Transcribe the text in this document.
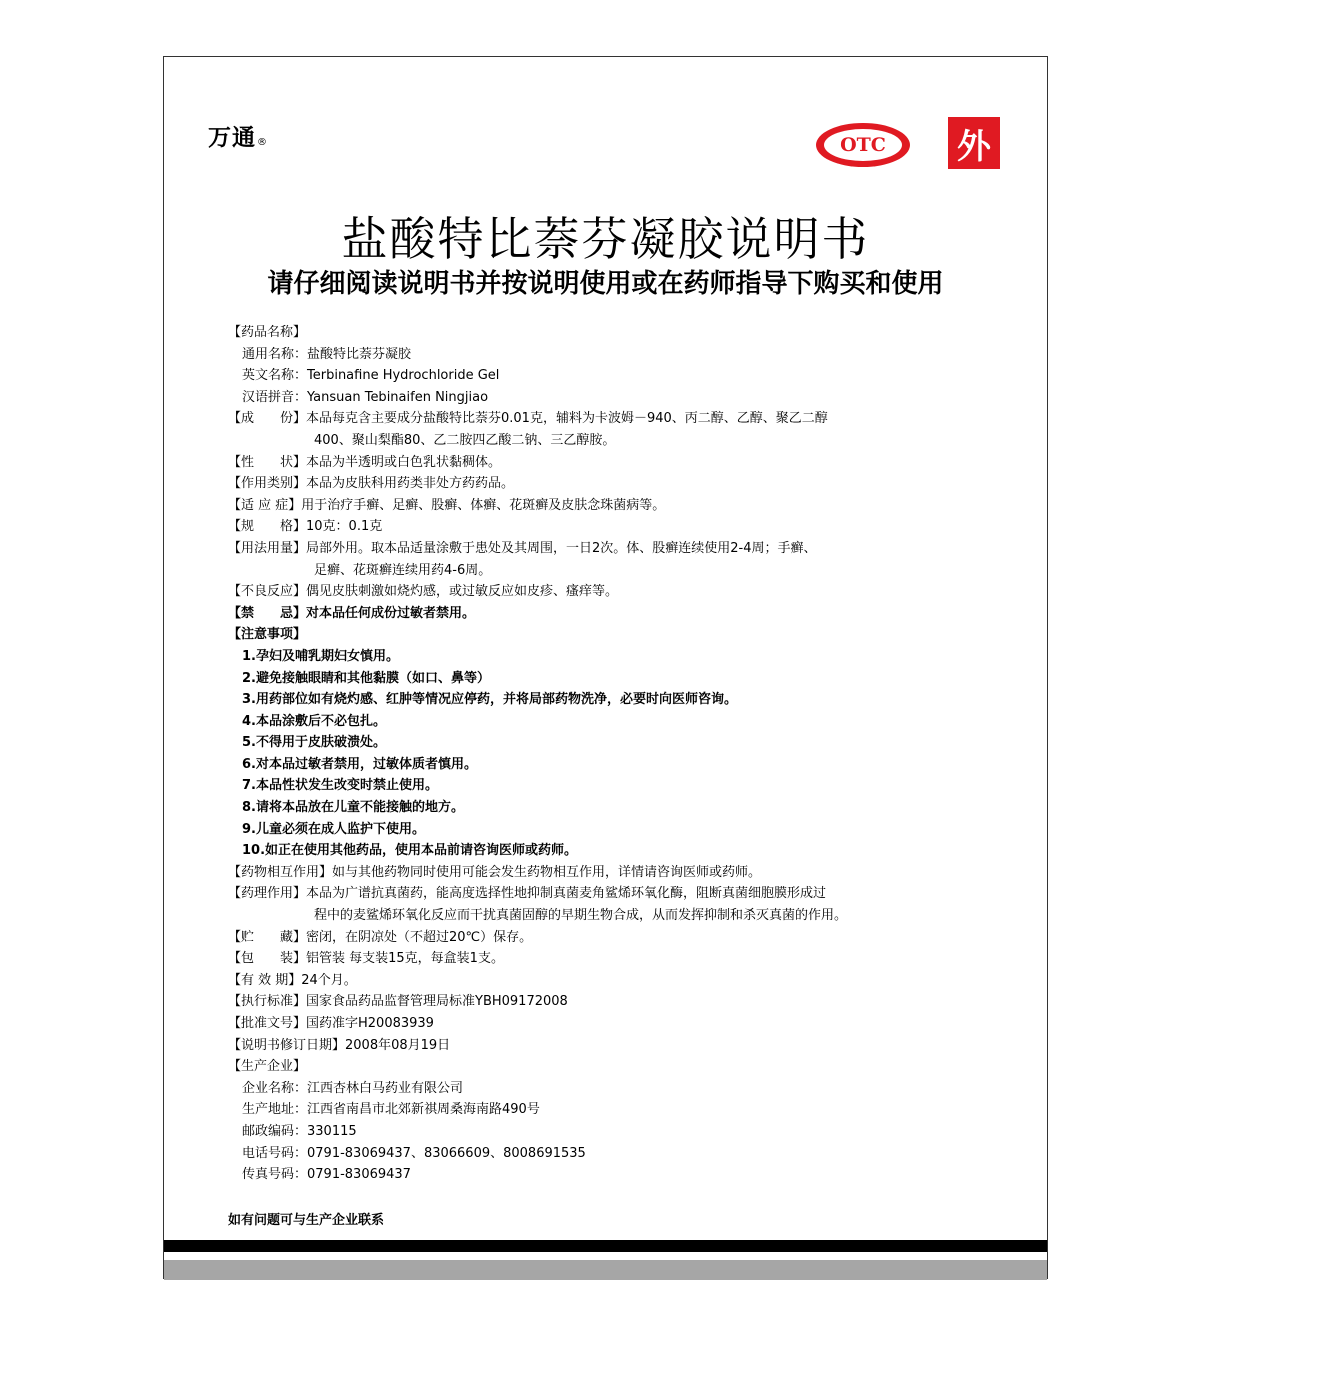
万通®	OTC	外
盐酸特比萘芬凝胶说明书
请仔细阅读说明书并按说明使用或在药师指导下购买和使用
【药品名称】
通用名称：盐酸特比萘芬凝胶
英文名称：Terbinafine Hydrochloride Gel
汉语拼音：Yansuan Tebinaifen Ningjiao
【成　　份】本品每克含主要成分盐酸特比萘芬0.01克，辅料为卡波姆－940、丙二醇、乙醇、聚乙二醇
400、聚山梨酯80、乙二胺四乙酸二钠、三乙醇胺。
【性　　状】本品为半透明或白色乳状黏稠体。
【作用类别】本品为皮肤科用药类非处方药药品。
【适 应 症】用于治疗手癣、足癣、股癣、体癣、花斑癣及皮肤念珠菌病等。
【规　　格】10克：0.1克
【用法用量】局部外用。取本品适量涂敷于患处及其周围，一日2次。体、股癣连续使用2-4周；手癣、
足癣、花斑癣连续用药4-6周。
【不良反应】偶见皮肤刺激如烧灼感，或过敏反应如皮疹、瘙痒等。
【禁　　忌】对本品任何成份过敏者禁用。
【注意事项】
1.孕妇及哺乳期妇女慎用。
2.避免接触眼睛和其他黏膜（如口、鼻等）
3.用药部位如有烧灼感、红肿等情况应停药，并将局部药物洗净，必要时向医师咨询。
4.本品涂敷后不必包扎。
5.不得用于皮肤破溃处。
6.对本品过敏者禁用，过敏体质者慎用。
7.本品性状发生改变时禁止使用。
8.请将本品放在儿童不能接触的地方。
9.儿童必须在成人监护下使用。
10.如正在使用其他药品，使用本品前请咨询医师或药师。
【药物相互作用】如与其他药物同时使用可能会发生药物相互作用，详情请咨询医师或药师。
【药理作用】本品为广谱抗真菌药，能高度选择性地抑制真菌麦角鲨烯环氧化酶，阻断真菌细胞膜形成过
程中的麦鲨烯环氧化反应而干扰真菌固醇的早期生物合成，从而发挥抑制和杀灭真菌的作用。
【贮　　藏】密闭，在阴凉处（不超过20℃）保存。
【包　　装】铝管装 每支装15克，每盒装1支。
【有 效 期】24个月。
【执行标准】国家食品药品监督管理局标准YBH09172008
【批准文号】国药准字H20083939
【说明书修订日期】2008年08月19日
【生产企业】
企业名称：江西杏林白马药业有限公司
生产地址：江西省南昌市北郊新祺周桑海南路490号
邮政编码：330115
电话号码：0791-83069437、83066609、8008691535
传真号码：0791-83069437
如有问题可与生产企业联系
